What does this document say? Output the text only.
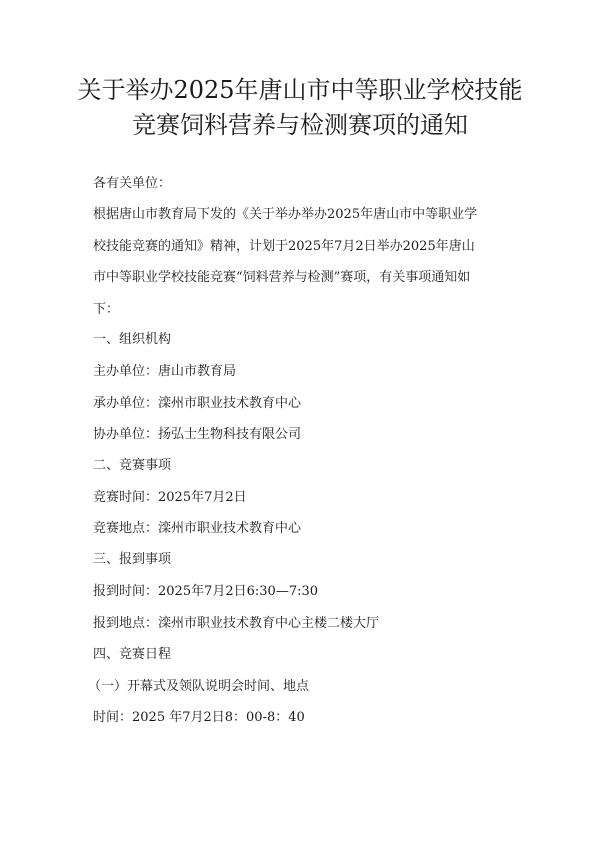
关于举办2025年唐山市中等职业学校技能
竞赛饲料营养与检测赛项的通知
各有关单位：
根据唐山市教育局下发的《关于举办举办2025年唐山市中等职业学
校技能竞赛的通知》精神，计划于2025年7月2日举办2025年唐山
市中等职业学校技能竞赛“饲料营养与检测”赛项，有关事项通知如
下：
一、组织机构
主办单位：唐山市教育局
承办单位：滦州市职业技术教育中心
协办单位：扬弘士生物科技有限公司
二、竞赛事项
竞赛时间：2025年7月2日
竞赛地点：滦州市职业技术教育中心
三、报到事项
报到时间：2025年7月2日6:30—7:30
报到地点：滦州市职业技术教育中心主楼二楼大厅
四、竞赛日程
（一）开幕式及领队说明会时间、地点
时间：2025 年7月2日8：00-8：40
